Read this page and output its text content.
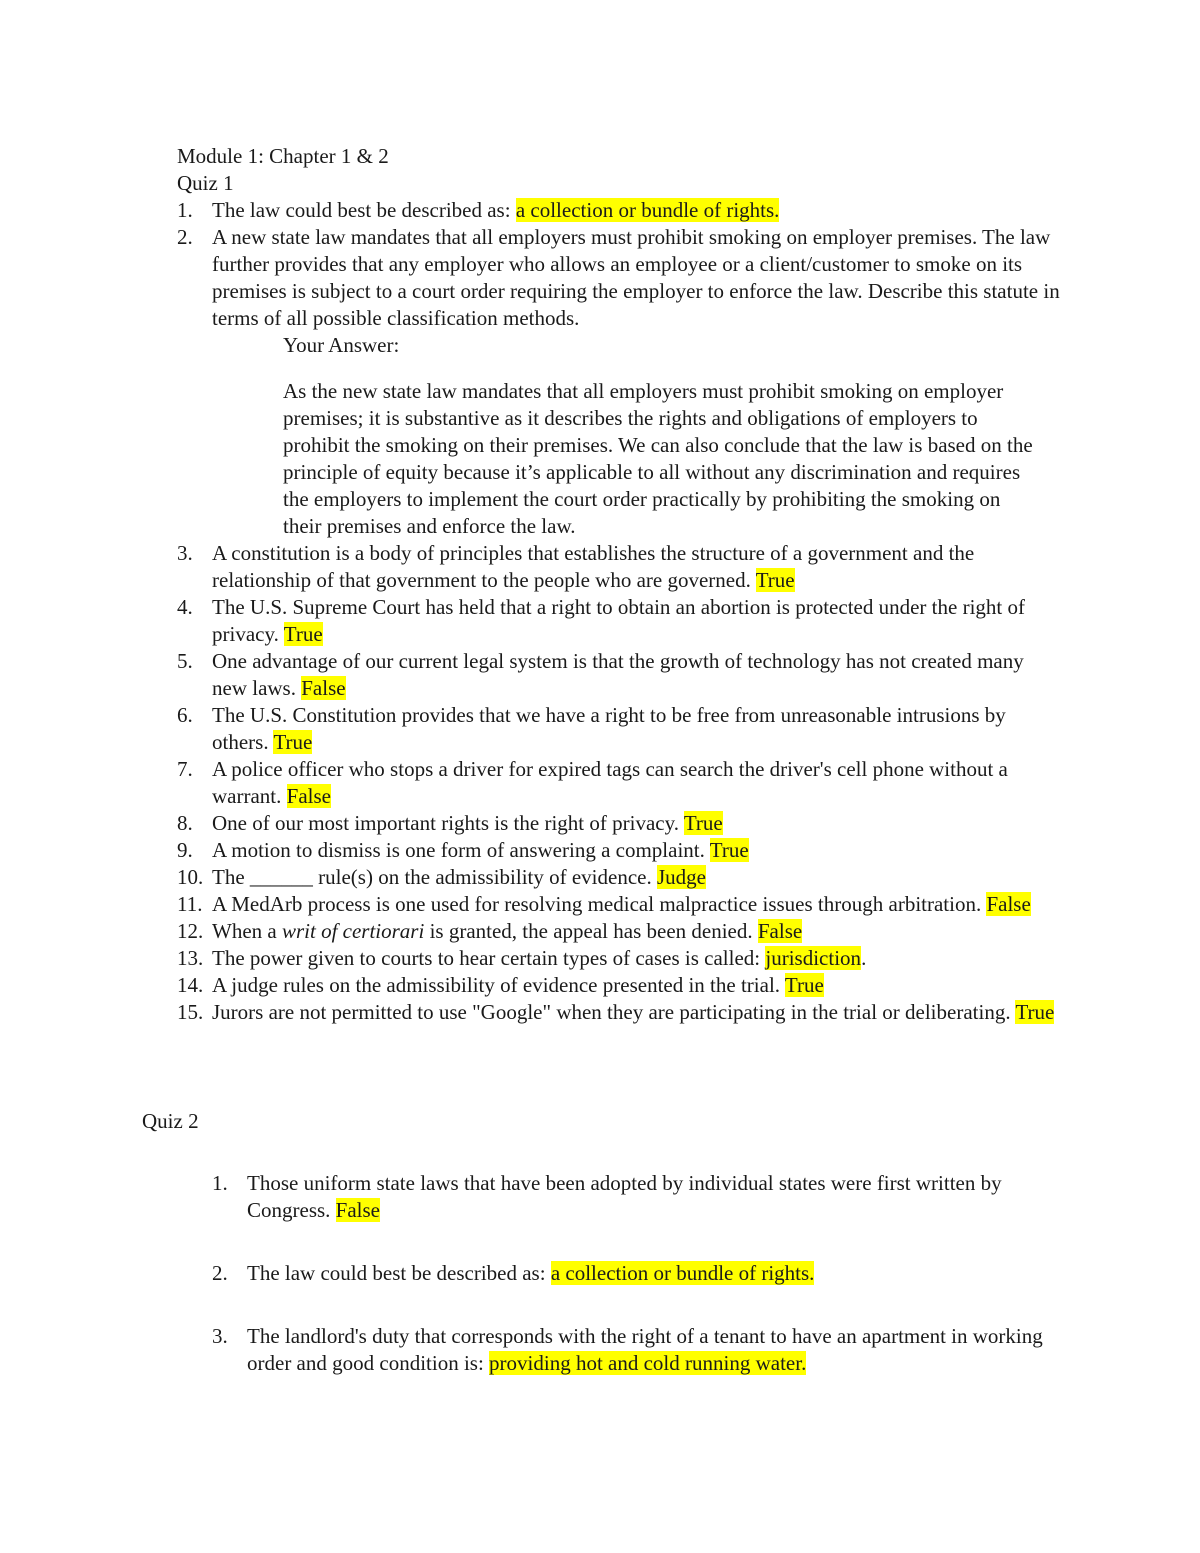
Module 1: Chapter 1 & 2
Quiz 1
1. The law could best be described as: a collection or bundle of rights.
2. A new state law mandates that all employers must prohibit smoking on employer premises. The law further provides that any employer who allows an employee or a client/customer to smoke on its premises is subject to a court order requiring the employer to enforce the law. Describe this statute in terms of all possible classification methods.
Your Answer:
As the new state law mandates that all employers must prohibit smoking on employer premises; it is substantive as it describes the rights and obligations of employers to prohibit the smoking on their premises. We can also conclude that the law is based on the principle of equity because it’s applicable to all without any discrimination and requires the employers to implement the court order practically by prohibiting the smoking on their premises and enforce the law.
3. A constitution is a body of principles that establishes the structure of a government and the relationship of that government to the people who are governed. True
4. The U.S. Supreme Court has held that a right to obtain an abortion is protected under the right of privacy. True
5. One advantage of our current legal system is that the growth of technology has not created many new laws. False
6. The U.S. Constitution provides that we have a right to be free from unreasonable intrusions by others. True
7. A police officer who stops a driver for expired tags can search the driver's cell phone without a warrant. False
8. One of our most important rights is the right of privacy. True
9. A motion to dismiss is one form of answering a complaint. True
10. The ______ rule(s) on the admissibility of evidence. Judge
11. A MedArb process is one used for resolving medical malpractice issues through arbitration. False
12. When a writ of certiorari is granted, the appeal has been denied. False
13. The power given to courts to hear certain types of cases is called: jurisdiction.
14. A judge rules on the admissibility of evidence presented in the trial. True
15. Jurors are not permitted to use "Google" when they are participating in the trial or deliberating. True
Quiz 2
1. Those uniform state laws that have been adopted by individual states were first written by Congress. False
2. The law could best be described as: a collection or bundle of rights.
3. The landlord's duty that corresponds with the right of a tenant to have an apartment in working order and good condition is: providing hot and cold running water.
